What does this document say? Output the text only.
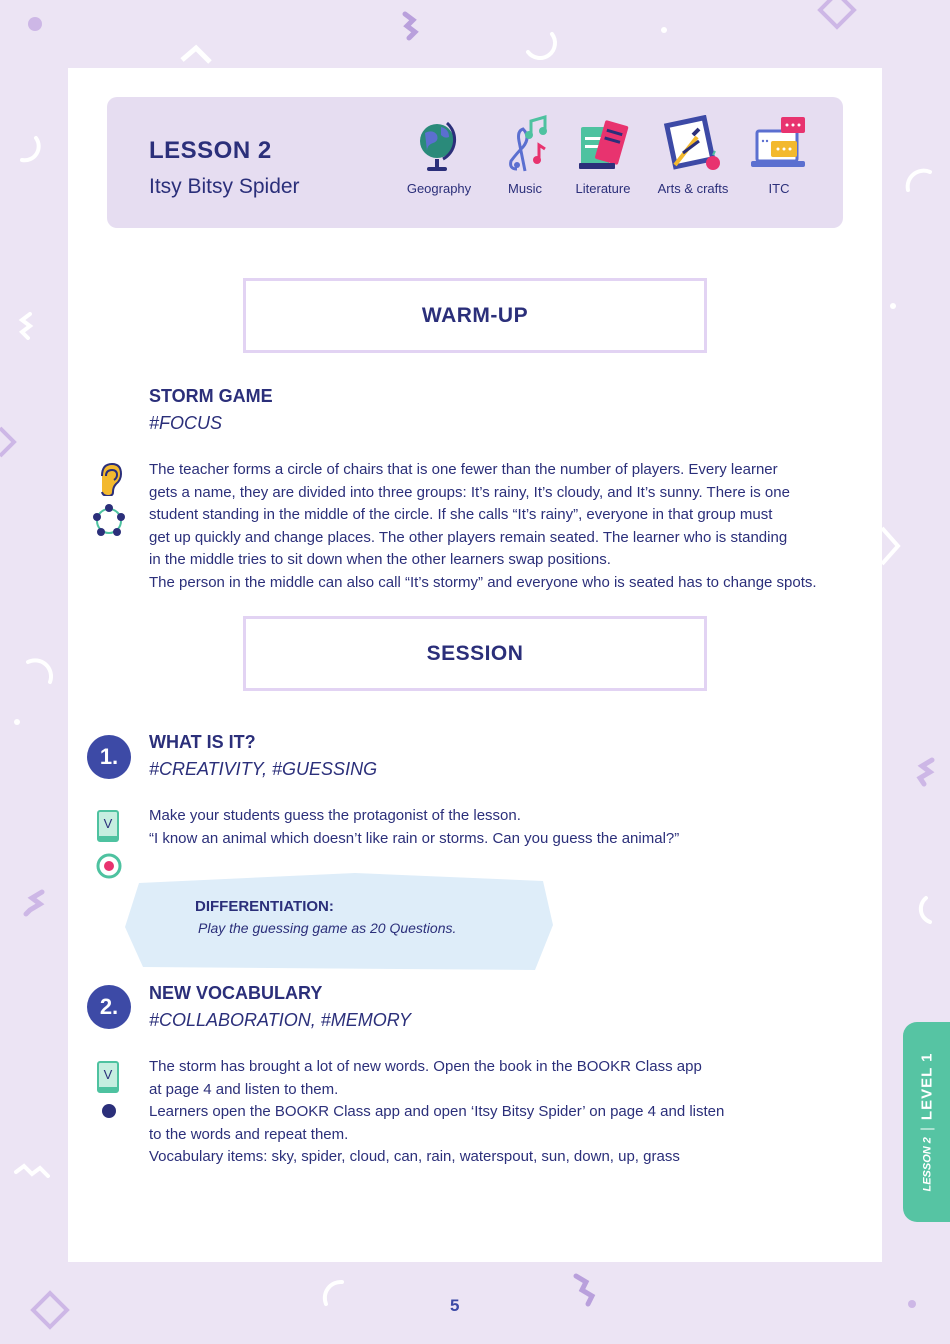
LESSON 2
Itsy Bitsy Spider	Geography	Music	Literature	Arts & crafts	ITC
WARM-UP
STORM GAME
#FOCUS
The teacher forms a circle of chairs that is one fewer than the number of players. Every learner
gets a name, they are divided into three groups: It’s rainy, It’s cloudy, and It’s sunny. There is one
student standing in the middle of the circle. If she calls “It’s rainy”, everyone in that group must
get up quickly and change places. The other players remain seated. The learner who is standing
in the middle tries to sit down when the other learners swap positions.
The person in the middle can also call “It’s stormy” and everyone who is seated has to change spots.
SESSION
1.
WHAT IS IT?
#CREATIVITY, #GUESSING
V	Make your students guess the protagonist of the lesson.
“I know an animal which doesn’t like rain or storms. Can you guess the animal?”
DIFFERENTIATION:
Play the guessing game as 20 Questions.
2.
NEW VOCABULARY
#COLLABORATION, #MEMORY
V	The storm has brought a lot of new words. Open the book in the BOOKR Class app
at page 4 and listen to them.
Learners open the BOOKR Class app and open ‘Itsy Bitsy Spider’ on page 4 and listen
to the words and repeat them.
Vocabulary items: sky, spider, cloud, can, rain, waterspout, sun, down, up, grass	LESSON 2
LEVEL 1
5
